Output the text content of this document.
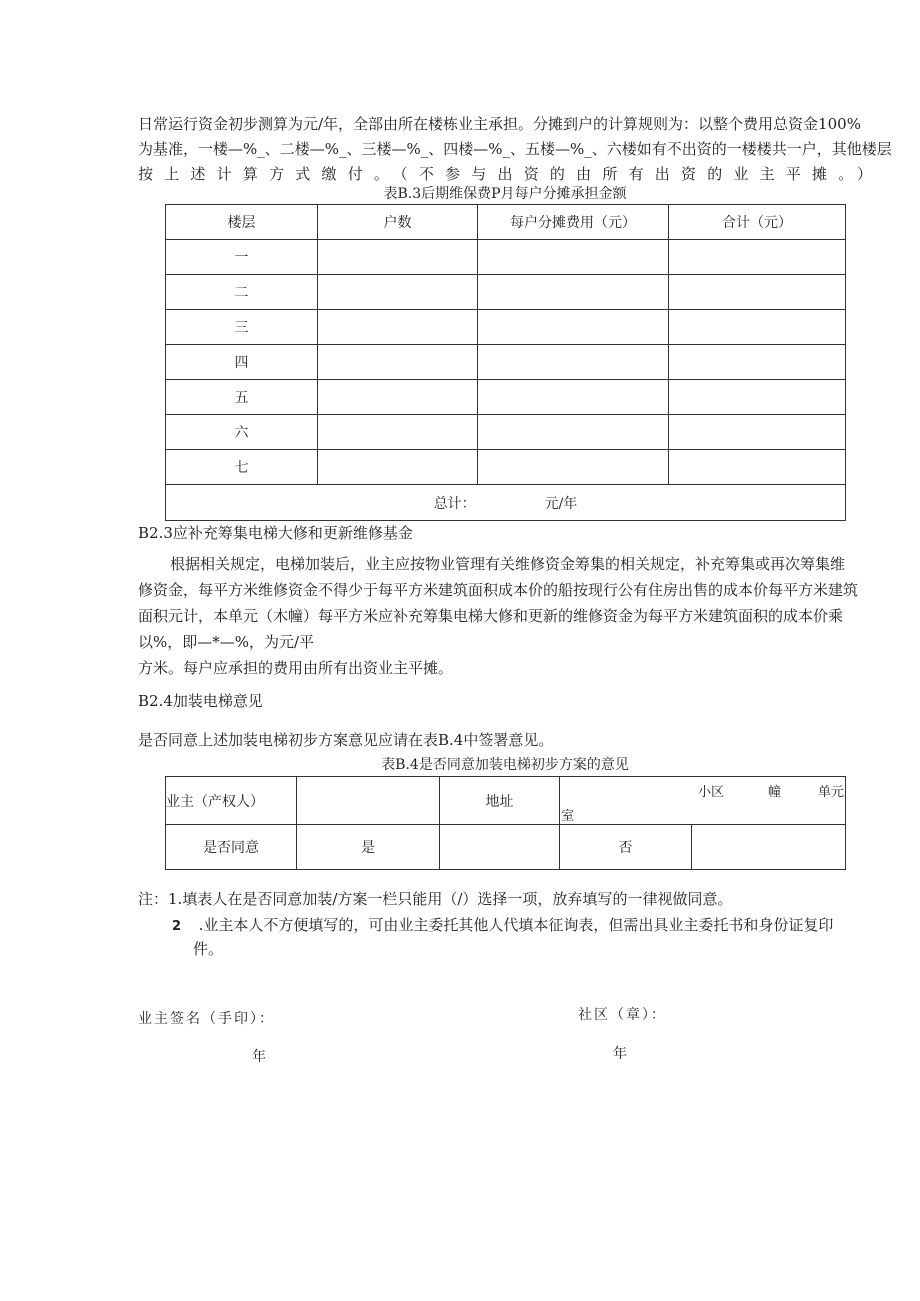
日常运行资金初步测算为元/年，全部由所在楼栋业主承担。分摊到户的计算规则为：以整个费用总资金100%
为基准，一楼—%_、二楼—%_、三楼—%_、四楼—%_、五楼—%_、六楼如有不出资的一楼楼共一户，其他楼层
按上述计算方式缴付。（不参与出资的由所有出资的业主平摊。）
表B.3后期维保费P月每户分摊承担金额
楼层	户数	每户分摊费用（元）	合计（元）
一			
二			
三			
四			
五			
六			
七			
总计： 元/年			
B2.3应补充筹集电梯大修和更新维修基金
根据相关规定，电梯加装后，业主应按物业管理有关维修资金筹集的相关规定，补充筹集或再次筹集维
修资金，每平方米维修资金不得少于每平方米建筑面积成本价的船按现行公有住房出售的成本价每平方米建筑
面积元计，本单元（木幢）每平方米应补充筹集电梯大修和更新的维修资金为每平方米建筑面积的成本价乘
以%，即—*—%，为元/平
方米。每户应承担的费用由所有出资业主平摊。
B2.4加装电梯意见
是否同意上述加装电梯初步方案意见应请在表B.4中签署意见。
表B.4是否同意加装电梯初步方案的意见
业主（产权人）		地址	小区 幢 单元
室	

是否同意	是		否	
注：1.填表人在是否同意加装/方案一栏只能用（/）选择一项，放弃填写的一律视做同意。
2 .业主本人不方便填写的，可由业主委托其他人代填本征询表，但需出具业主委托书和身份证复印
件。
业主签名（手印）：	社区（章）：
年	年
